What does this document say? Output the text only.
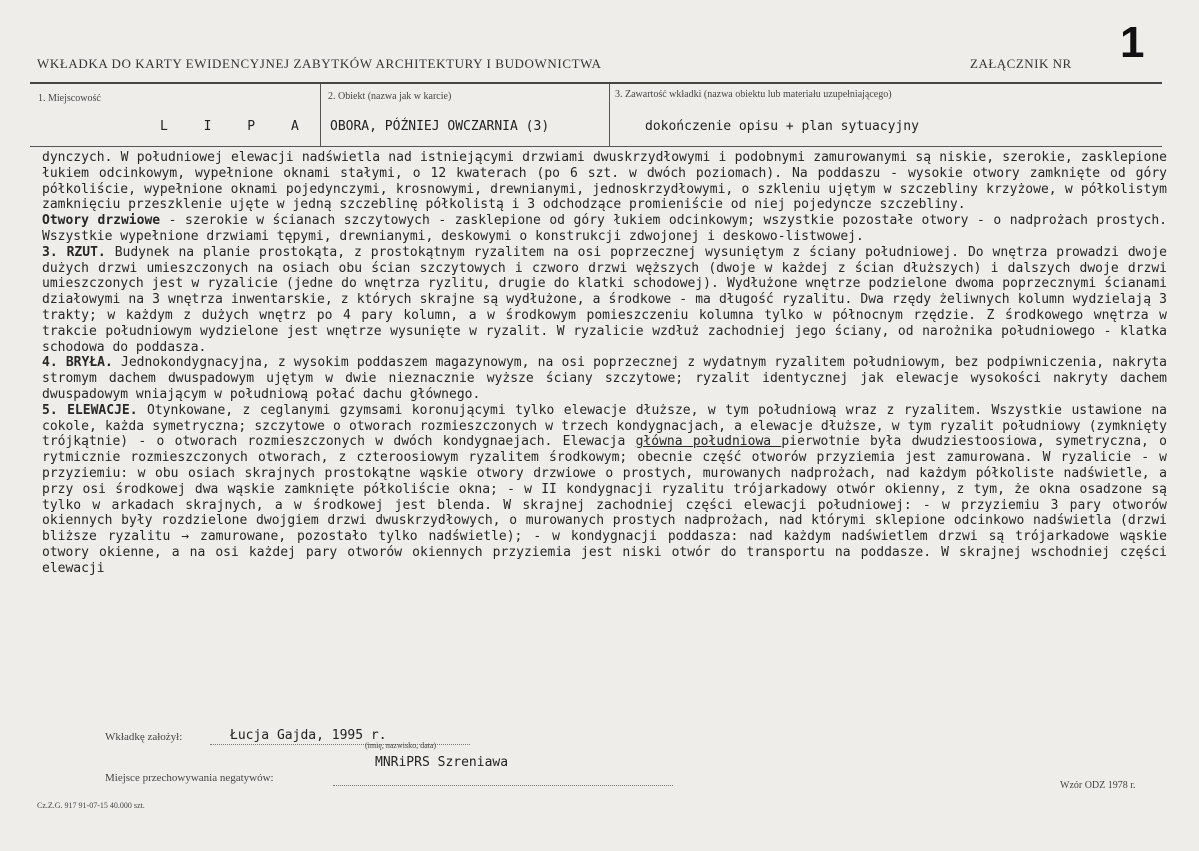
WKŁADKA DO KARTY EWIDENCYJNEJ ZABYTKÓW ARCHITEKTURY I BUDOWNICTWA	ZAŁĄCZNIK NR 1
1. Miejscowość
L I P A
2. Obiekt (nazwa jak w karcie)
OBORA, PÓŹNIEJ OWCZARNIA (3)
3. Zawartość wkładki (nazwa obiektu lub materiału uzupełniającego)
dokończenie opisu + plan sytuacyjny

dynczych. W południowej elewacji nadświetla nad istniejącymi drzwiami dwuskrzydłowymi i podobnymi zamurowanymi są niskie, szerokie, zasklepione łukiem odcinkowym, wypełnione oknami stałymi, o 12 kwaterach (po 6 szt. w dwóch poziomach). Na poddaszu - wysokie otwory zamknięte od góry półkoliście, wypełnione oknami pojedynczymi, krosnowymi, drewnianymi, jednoskrzydłowymi, o szkleniu ujętym w szczebliny krzyżowe, w półkolistym zamknięciu przeszklenie ujęte w jedną szczeblinę półkolistą i 3 odchodzące promieniście od niej pojedyncze szczebliny.

Otwory drzwiowe - szerokie w ścianach szczytowych - zasklepione od góry łukiem odcinkowym; wszystkie pozostałe otwory - o nadprożach prostych. Wszystkie wypełnione drzwiami tępymi, drewnianymi, deskowymi o konstrukcji zdwojonej i deskowo-listwowej.

3. RZUT. Budynek na planie prostokąta, z prostokątnym ryzalitem na osi poprzecznej wysuniętym z ściany południowej. Do wnętrza prowadzi dwoje dużych drzwi umieszczonych na osiach obu ścian szczytowych i czworo drzwi węższych (dwoje w każdej z ścian dłuższych) i dalszych dwoje drzwi umieszczonych jest w ryzalicie (jedne do wnętrza ryzlitu, drugie do klatki schodowej). Wydłużone wnętrze podzielone dwoma poprzecznymi ścianami działowymi na 3 wnętrza inwentarskie, z których skrajne są wydłużone, a środkowe - ma długość ryzalitu. Dwa rzędy żeliwnych kolumn wydzielają 3 trakty; w każdym z dużych wnętrz po 4 pary kolumn, a w środkowym pomieszczeniu kolumna tylko w północnym rzędzie. Z środkowego wnętrza w trakcie południowym wydzielone jest wnętrze wysunięte w ryzalit. W ryzalicie wzdłuż zachodniej jego ściany, od narożnika południowego - klatka schodowa do poddasza.

4. BRYŁA. Jednokondygnacyjna, z wysokim poddaszem magazynowym, na osi poprzecznej z wydatnym ryzalitem południowym, bez podpiwniczenia, nakryta stromym dachem dwuspadowym ujętym w dwie nieznacznie wyższe ściany szczytowe; ryzalit identycznej jak elewacje wysokości nakryty dachem dwuspadowym wniającym w południową połać dachu głównego.

5. ELEWACJE. Otynkowane, z ceglanymi gzymsami koronującymi tylko elewacje dłuższe, w tym południową wraz z ryzalitem. Wszystkie ustawione na cokole, każda symetryczna; szczytowe o otworach rozmieszczonych w trzech kondygnacjach, a elewacje dłuższe, w tym ryzalit południowy (zymknięty trójkątnie) - o otworach rozmieszczonych w dwóch kondygnaejach. Elewacja główna południowa pierwotnie była dwudziestoosiowa, symetryczna, o rytmicznie rozmieszczonych otworach, z czteroosiowym ryzalitem środkowym; obecnie część otworów przyziemia jest zamurowana. W ryzalicie - w przyziemiu: w obu osiach skrajnych prostokątne wąskie otwory drzwiowe o prostych, murowanych nadprożach, nad każdym półkoliste nadświetle, a przy osi środkowej dwa wąskie zamknięte półkoliście okna; - w II kondygnacji ryzalitu trójarkadowy otwór okienny, z tym, że okna osadzone są tylko w arkadach skrajnych, a w środkowej jest blenda. W skrajnej zachodniej części elewacji południowej: - w przyziemiu 3 pary otworów okiennych były rozdzielone dwojgiem drzwi dwuskrzydłowych, o murowanych prostych nadprożach, nad którymi sklepione odcinkowo nadświetla (drzwi bliższe ryzalitu → zamurowane, pozostało tylko nadświetle); - w kondygnacji poddasza: nad każdym nadświetlem drzwi są trójarkadowe wąskie otwory okienne, a na osi każdej pary otworów okiennych przyziemia jest niski otwór do transportu na poddasze. W skrajnej wschodniej części elewacji

Wkładkę założył:	Łucja Gajda, 1995 r.
(imię, nazwisko, data)
MNRiPRS Szreniawa
Miejsce przechowywania negatywów:
Wzór ODZ 1978 r.
Cz.Z.G. 917 91-07-15 40.000 szt.
